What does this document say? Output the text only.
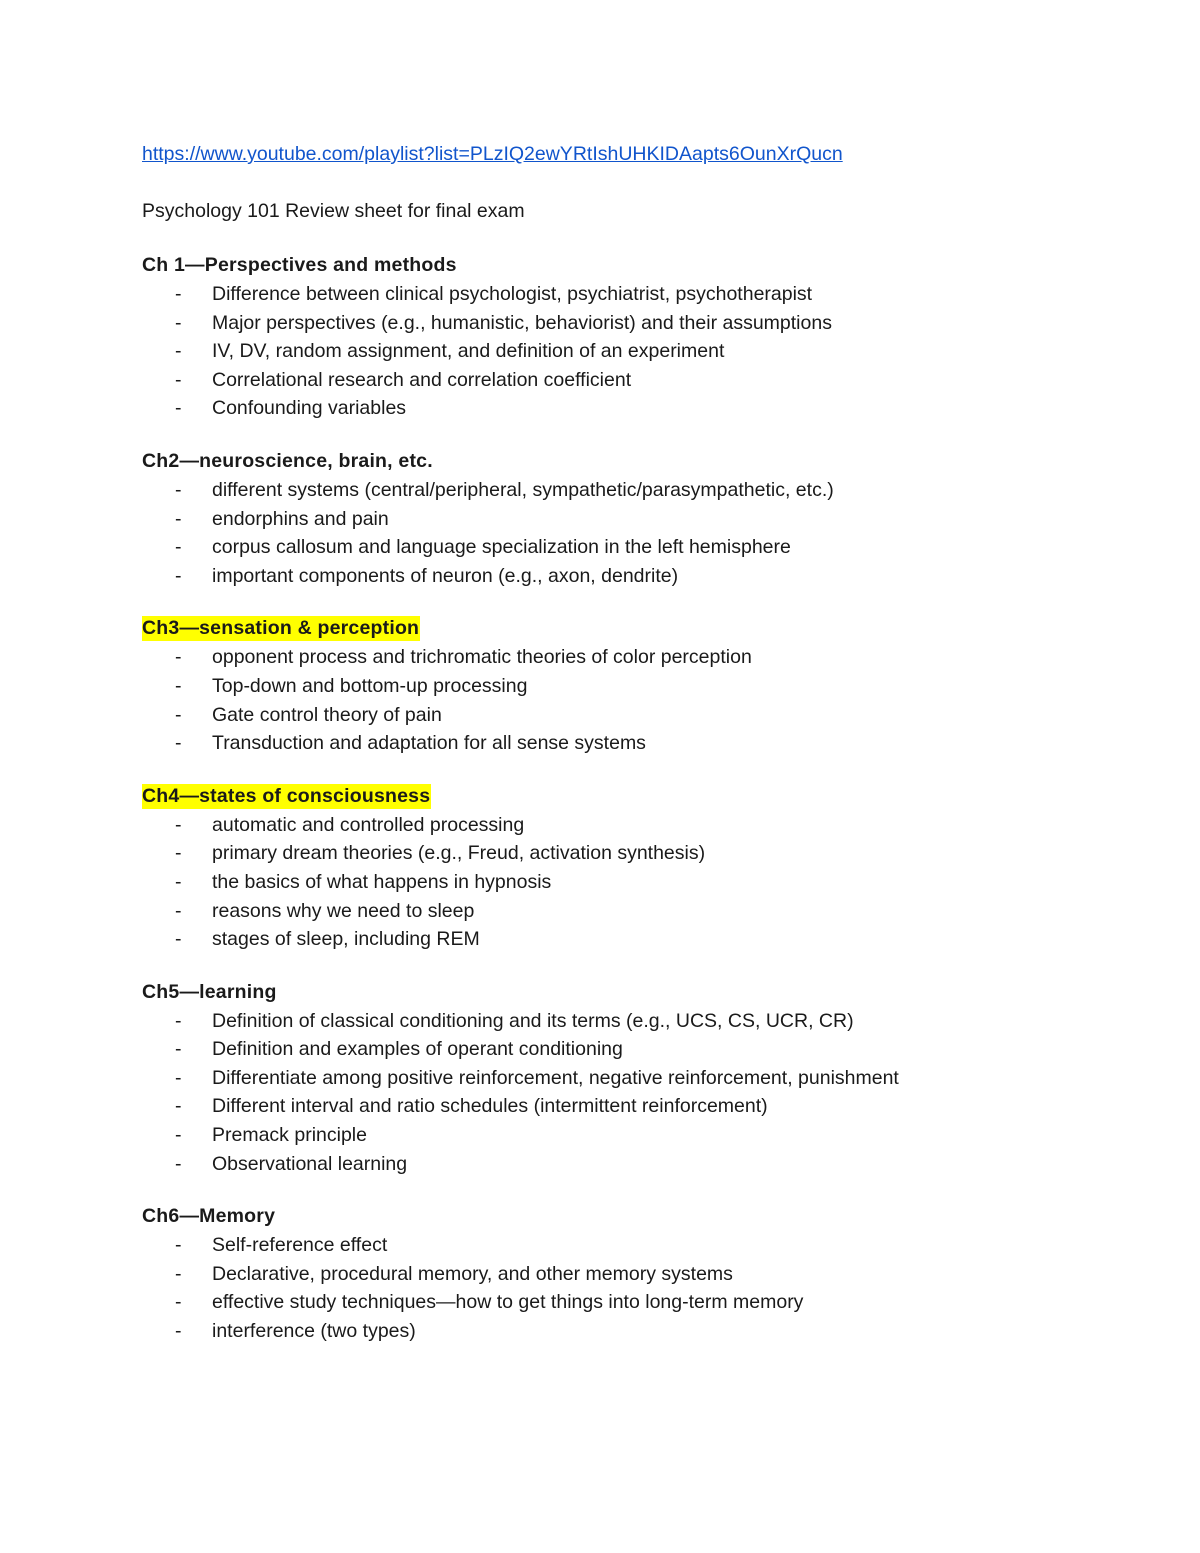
https://www.youtube.com/playlist?list=PLzIQ2ewYRtIshUHKIDAapts6OunXrQucn
Psychology 101 Review sheet for final exam
Ch 1—Perspectives and methods
- Difference between clinical psychologist, psychiatrist, psychotherapist
- Major perspectives (e.g., humanistic, behaviorist) and their assumptions
- IV, DV, random assignment, and definition of an experiment
- Correlational research and correlation coefficient
- Confounding variables
Ch2—neuroscience, brain, etc.
- different systems (central/peripheral, sympathetic/parasympathetic, etc.)
- endorphins and pain
- corpus callosum and language specialization in the left hemisphere
- important components of neuron (e.g., axon, dendrite)
Ch3—sensation & perception
- opponent process and trichromatic theories of color perception
- Top-down and bottom-up processing
- Gate control theory of pain
- Transduction and adaptation for all sense systems
Ch4—states of consciousness
- automatic and controlled processing
- primary dream theories (e.g., Freud, activation synthesis)
- the basics of what happens in hypnosis
- reasons why we need to sleep
- stages of sleep, including REM
Ch5—learning
- Definition of classical conditioning and its terms (e.g., UCS, CS, UCR, CR)
- Definition and examples of operant conditioning
- Differentiate among positive reinforcement, negative reinforcement, punishment
- Different interval and ratio schedules (intermittent reinforcement)
- Premack principle
- Observational learning
Ch6—Memory
- Self-reference effect
- Declarative, procedural memory, and other memory systems
- effective study techniques—how to get things into long-term memory
- interference (two types)
